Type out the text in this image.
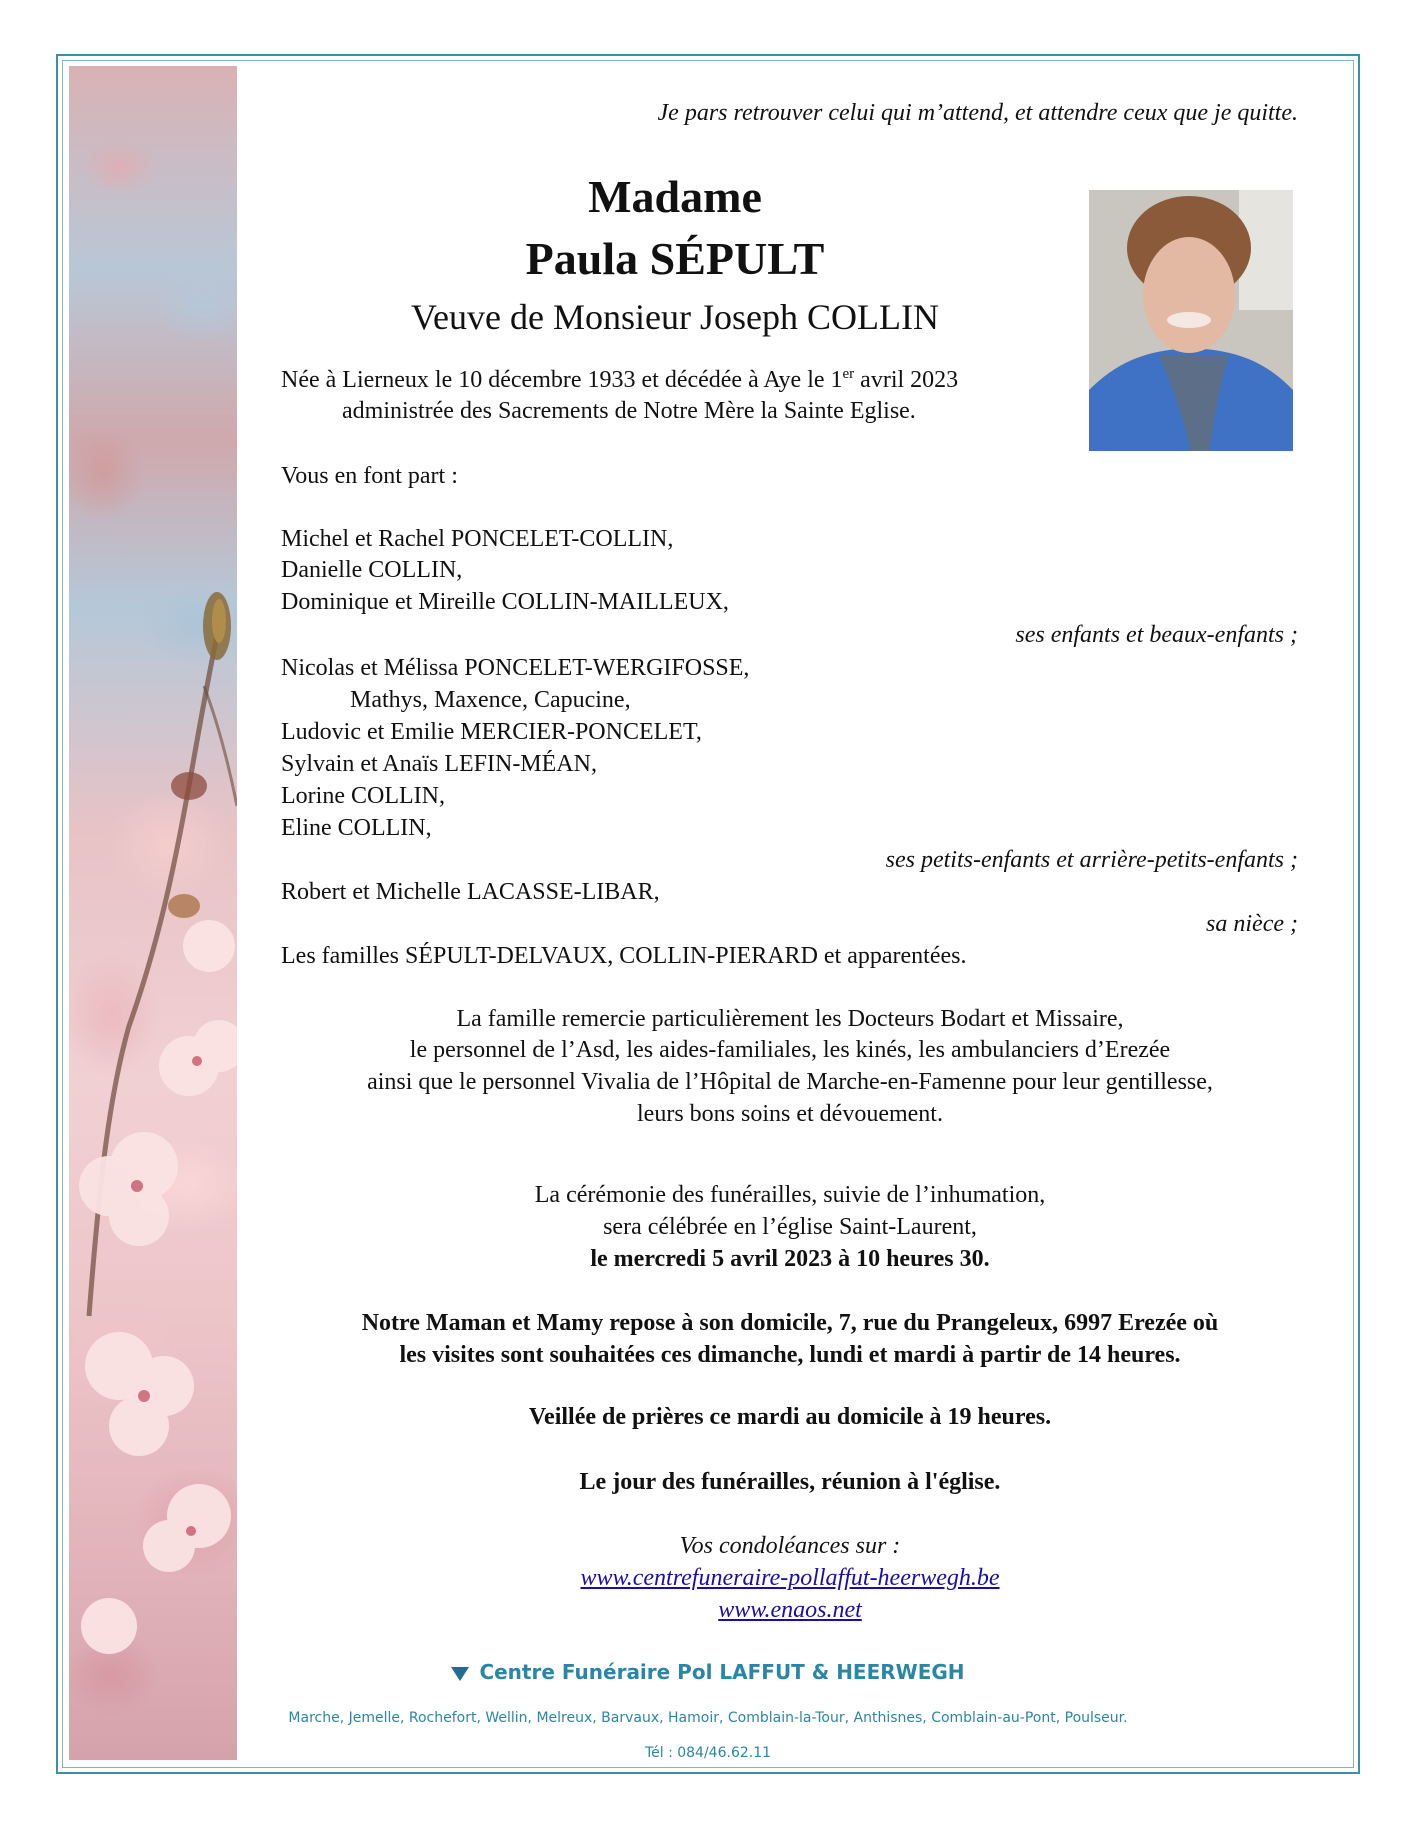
Je pars retrouver celui qui m’attend, et attendre ceux que je quitte.

Madame

Paula SÉPULT

Veuve de Monsieur Joseph COLLIN

Née à Lierneux le 10 décembre 1933 et décédée à Aye le 1er avril 2023

administrée des Sacrements de Notre Mère la Sainte Eglise.

Vous en font part :

Michel et Rachel PONCELET-COLLIN,

Danielle COLLIN,

Dominique et Mireille COLLIN-MAILLEUX,

ses enfants et beaux-enfants ;

Nicolas et Mélissa PONCELET-WERGIFOSSE,

Mathys, Maxence, Capucine,

Ludovic et Emilie MERCIER-PONCELET,

Sylvain et Anaïs LEFIN-MÉAN,

Lorine COLLIN,

Eline COLLIN,

ses petits-enfants et arrière-petits-enfants ;

Robert et Michelle LACASSE-LIBAR,

sa nièce ;

Les familles SÉPULT-DELVAUX, COLLIN-PIERARD et apparentées.

La famille remercie particulièrement les Docteurs Bodart et Missaire,

le personnel de l’Asd, les aides-familiales, les kinés, les ambulanciers d’Erezée

ainsi que le personnel Vivalia de l’Hôpital de Marche-en-Famenne pour leur gentillesse,

leurs bons soins et dévouement.

La cérémonie des funérailles, suivie de l’inhumation,

sera célébrée en l’église Saint-Laurent,

le mercredi 5 avril 2023 à 10 heures 30.

Notre Maman et Mamy repose à son domicile, 7, rue du Prangeleux, 6997 Erezée où

les visites sont souhaitées ces dimanche, lundi et mardi à partir de 14 heures.

Veillée de prières ce mardi au domicile à 19 heures.

Le jour des funérailles, réunion à l'église.

Vos condoléances sur :

www.centrefuneraire-pollaffut-heerwegh.be

www.enaos.net

Centre Funéraire Pol LAFFUT & HEERWEGH
Marche, Jemelle, Rochefort, Wellin, Melreux, Barvaux, Hamoir, Comblain-la-Tour, Anthisnes, Comblain-au-Pont, Poulseur.
Tél : 084/46.62.11
